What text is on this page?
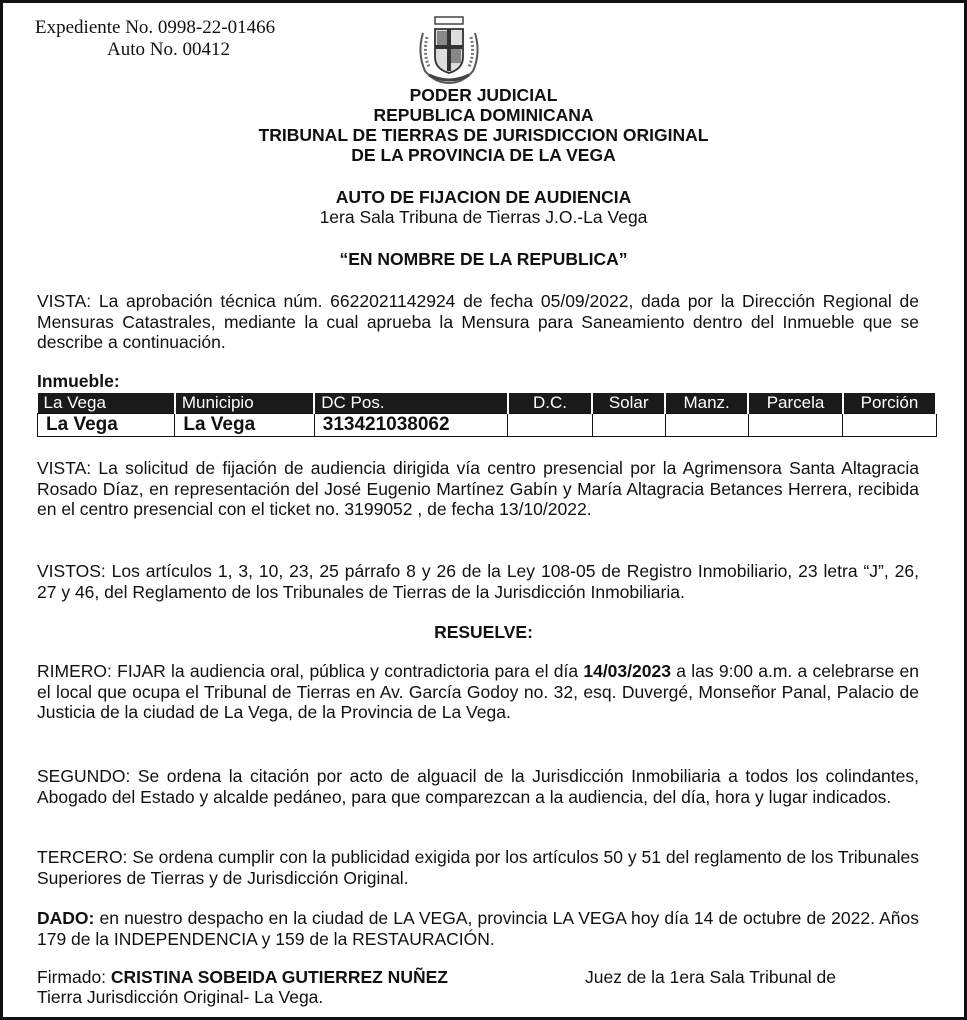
Expediente No. 0998-22-01466
Auto No. 00412
PODER JUDICIAL
REPUBLICA DOMINICANA
TRIBUNAL DE TIERRAS DE JURISDICCION ORIGINAL
DE LA PROVINCIA DE LA VEGA
AUTO DE FIJACION DE AUDIENCIA
1era Sala Tribuna de Tierras J.O.-La Vega
“EN NOMBRE DE LA REPUBLICA”
VISTA: La aprobación técnica núm. 6622021142924 de fecha 05/09/2022, dada por la Dirección Regional de Mensuras Catastrales, mediante la cual aprueba la Mensura para Saneamiento dentro del Inmueble que se describe a continuación.
Inmueble:
La Vega	Municipio	DC Pos.	D.C.	Solar	Manz.	Parcela	Porción
La Vega	La Vega	313421038062					
VISTA: La solicitud de fijación de audiencia dirigida vía centro presencial por la Agrimensora Santa Altagracia Rosado Díaz, en representación del José Eugenio Martínez Gabín y María Altagracia Betances Herrera, recibida en el centro presencial con el ticket no. 3199052 , de fecha 13/10/2022.
VISTOS: Los artículos 1, 3, 10, 23, 25 párrafo 8 y 26 de la Ley 108-05 de Registro Inmobiliario, 23 letra “J”, 26, 27 y 46, del Reglamento de los Tribunales de Tierras de la Jurisdicción Inmobiliaria.
RESUELVE:
RIMERO: FIJAR la audiencia oral, pública y contradictoria para el día 14/03/2023 a las 9:00 a.m. a celebrarse en el local que ocupa el Tribunal de Tierras en Av. García Godoy no. 32, esq. Duvergé, Monseñor Panal, Palacio de Justicia de la ciudad de La Vega, de la Provincia de La Vega.
SEGUNDO: Se ordena la citación por acto de alguacil de la Jurisdicción Inmobiliaria a todos los colindantes, Abogado del Estado y alcalde pedáneo, para que comparezcan a la audiencia, del día, hora y lugar indicados.
TERCERO: Se ordena cumplir con la publicidad exigida por los artículos 50 y 51 del reglamento de los Tribunales Superiores de Tierras y de Jurisdicción Original.
DADO: en nuestro despacho en la ciudad de LA VEGA, provincia LA VEGA hoy día 14 de octubre de 2022. Años 179 de la INDEPENDENCIA y 159 de la RESTAURACIÓN.
Firmado: CRISTINA SOBEIDA GUTIERREZ NUÑEZ	Juez de la 1era Sala Tribunal de
Tierra Jurisdicción Original- La Vega.
